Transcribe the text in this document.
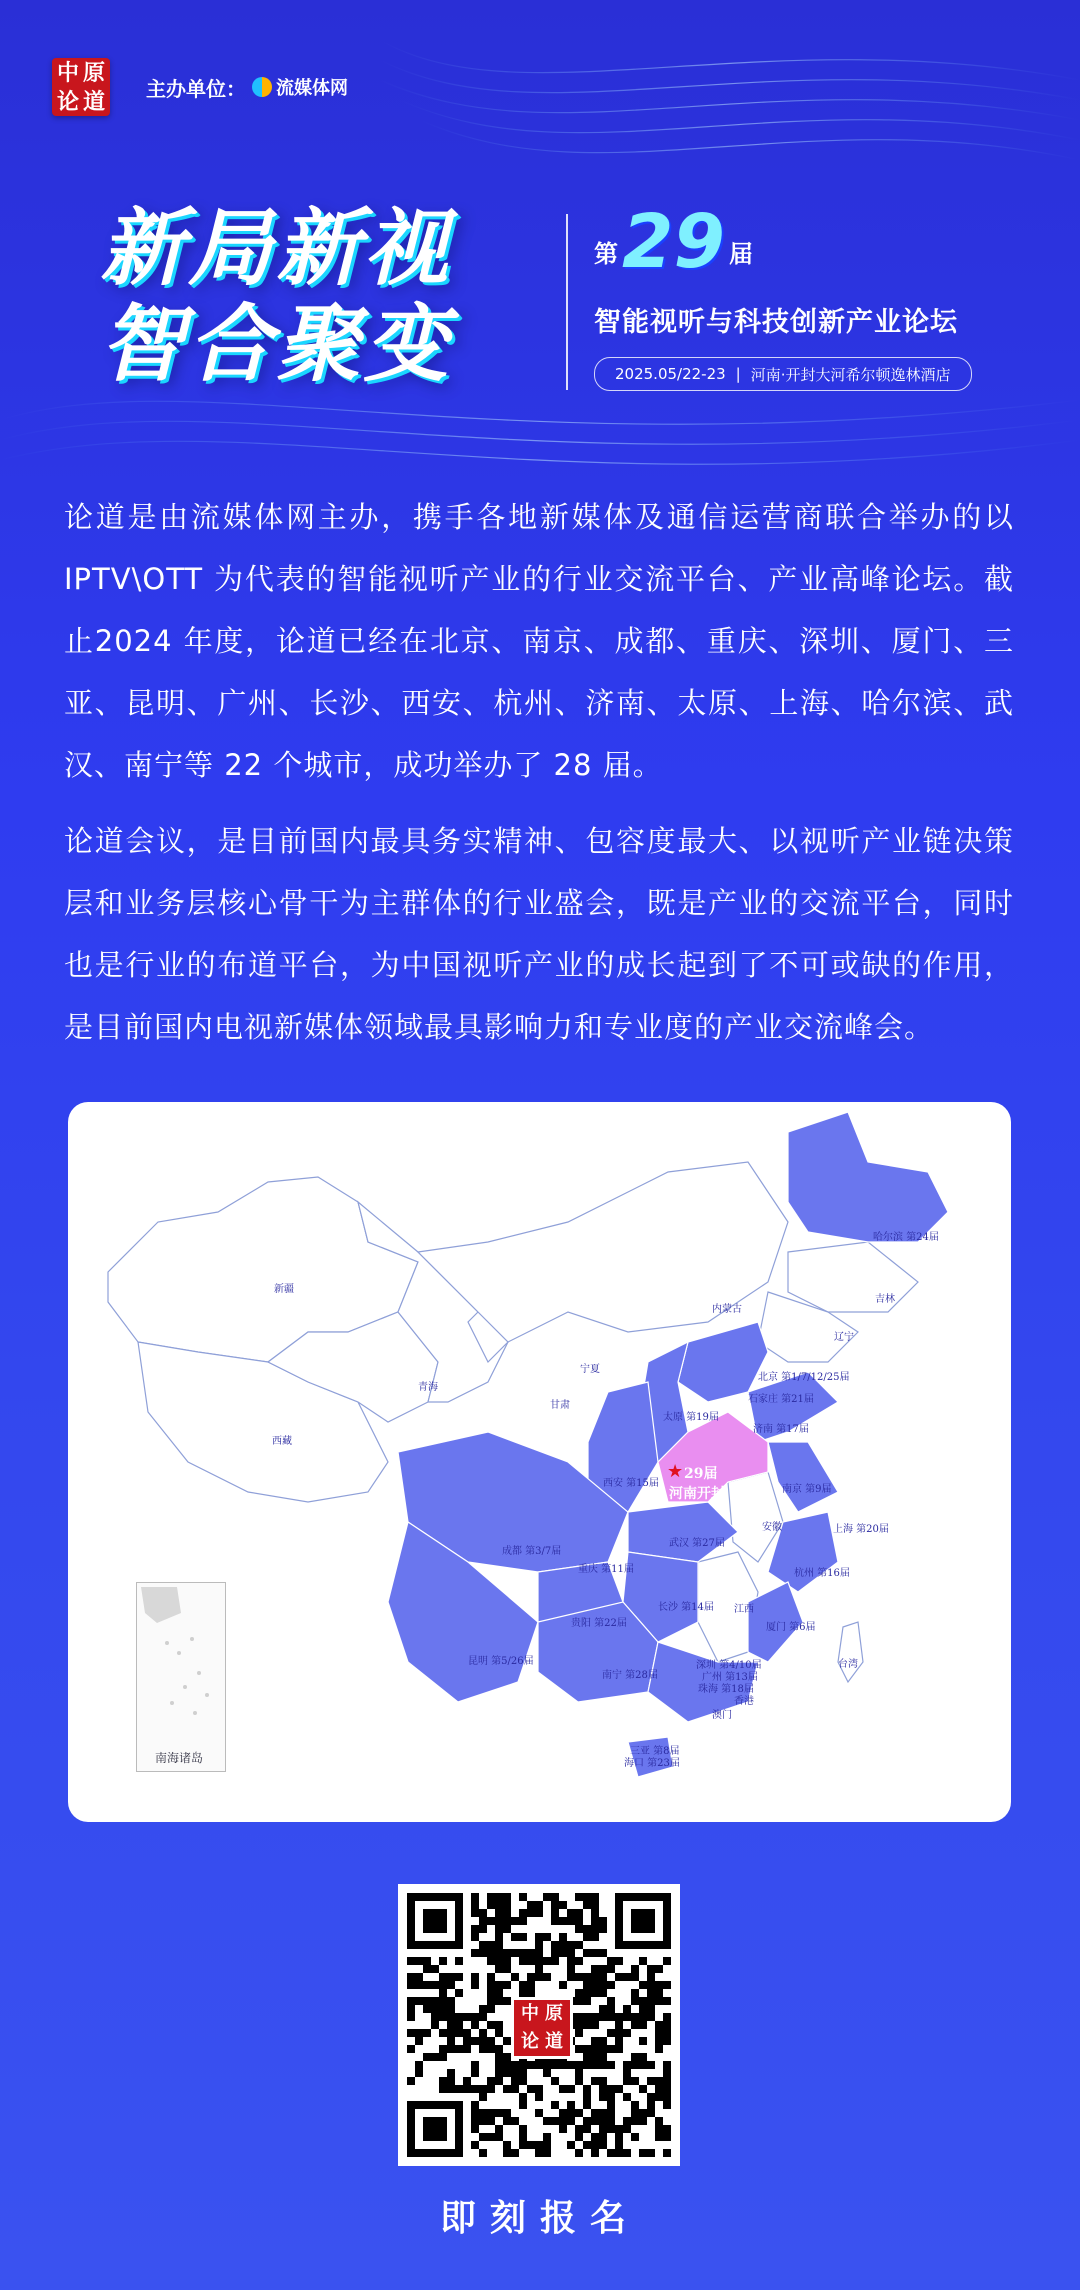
中 原
论 道 主办单位： 流媒体网
新局新视
智合聚变
第 29 届
智能视听与科技创新产业论坛
2025.05/22-23 | 河南·开封大河希尔顿逸林酒店
论道是由流媒体网主办，携手各地新媒体及通信运营商联合举办的以IPTV\OTT 为代表的智能视听产业的行业交流平台、产业高峰论坛。截止2024 年度，论道已经在北京、南京、成都、重庆、深圳、厦门、三亚、昆明、广州、长沙、西安、杭州、济南、太原、上海、哈尔滨、武汉、南宁等 22 个城市，成功举办了 28 届。
论道会议，是目前国内最具务实精神、包容度最大、以视听产业链决策层和业务层核心骨干为主群体的行业盛会，既是产业的交流平台，同时也是行业的布道平台，为中国视听产业的成长起到了不可或缺的作用，是目前国内电视新媒体领域最具影响力和专业度的产业交流峰会。
★ 29届
河南开封
新疆
西藏
青海
甘肃
内蒙古
宁夏
吉林
辽宁
江西
安徽
台湾
香港
澳门
哈尔滨 第24届
北京 第1/7/12/25届
石家庄 第21届
太原 第19届
济南 第17届
西安 第15届
南京 第9届
上海 第20届
武汉 第27届
杭州 第16届
成都 第3/7届
重庆 第11届
长沙 第14届
贵阳 第22届	厦门 第6届
昆明 第5/26届
南宁 第28届
深圳 第4/10届
广州 第13届
珠海 第18届
三亚 第8届
海口 第23届
南海诸岛
中 原
论 道
即刻报名
